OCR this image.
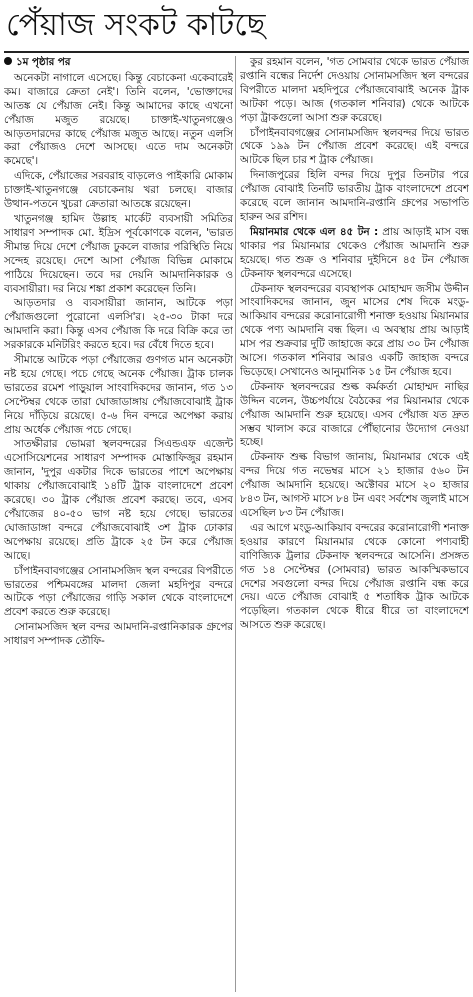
পেঁয়াজ সংকট কাটছে

১ম পৃষ্ঠার পর

অনেকটা নাগালে এসেছে। কিন্তু বেচাকেনা একেবারেই কম। বাজারে ক্রেতা নেই'। তিনি বলেন, 'ভোক্তাদের আতঙ্ক যে পেঁয়াজ নেই। কিন্তু আমাদের কাছে এখনো পেঁয়াজ মজুত রয়েছে। চাক্তাই-খাতুনগঞ্জেও আড়তদারদের কাছে পেঁয়াজ মজুত আছে। নতুন এলসি করা পেঁয়াজও দেশে আসছে। এতে দাম অনেকটা কমেছে'।

এদিকে, পেঁয়াজের সরবরাহ বাড়লেও পাইকারি মোকাম চাক্তাই-খাতুনগঞ্জে বেচাকেনায় খরা চলছে। বাজার উত্থান-পতনে খুচরা ক্রেতারা আতঙ্কে রয়েছেন।

খাতুনগঞ্জ হামিদ উল্লাহ মার্কেট ব্যবসায়ী সমিতির সাধারণ সম্পাদক মো. ইদ্রিস পূর্বকোণকে বলেন, 'ভারত সীমান্ত দিয়ে দেশে পেঁয়াজ ঢুকলে বাজার পরিস্থিতি নিয়ে সন্দেহ রয়েছে। দেশে আসা পেঁয়াজ বিভিন্ন মোকামে পাঠিয়ে দিয়েছেন। তবে দর দেয়নি আমদানিকারক ও ব্যবসায়ীরা। দর নিয়ে শঙ্কা প্রকাশ করেছেন তিনি।

আড়তদার ও ব্যবসায়ীরা জানান, আটকে পড়া পেঁয়াজগুলো পুরোনো এলসি'র। ২৫-৩০ টাকা দরে আমদানি করা। কিন্তু এসব পেঁয়াজ কি দরে বিক্রি করে তা সরকারকে মনিটরিং করতে হবে। দর বেঁধে দিতে হবে।

সীমান্তে আটকে পড়া পেঁয়াজের গুণগত মান অনেকটা নষ্ট হয়ে গেছে। পচে গেছে অনেক পেঁয়াজ। ট্রাক চালক ভারতের রমেশ পাড়ুয়াল সাংবাদিকদের জানান, গত ১৩ সেপ্টেম্বর থেকে তারা ঘোজাডাঙ্গায় পেঁয়াজবোঝাই ট্রাক নিয়ে দাঁড়িয়ে রয়েছে। ৫-৬ দিন বন্দরে অপেক্ষা করায় প্রায় অর্ধেক পেঁয়াজ পচে গেছে।

সাতক্ষীরার ভোমরা স্থলবন্দরের সিএন্ডএফ এজেন্ট এসোসিয়েশনের সাধারণ সম্পাদক মোস্তাফিজুর রহমান জানান, 'দুপুর একটার দিকে ভারতের পাশে অপেক্ষায় থাকায় পেঁয়াজবোঝাই ১৪টি ট্রাক বাংলাদেশে প্রবেশ করেছে। ৩০ ট্রাক পেঁয়াজ প্রবেশ করছে। তবে, এসব পেঁয়াজের ৪০-৫০ ভাগ নষ্ট হয়ে গেছে। ভারতের ঘোজাডাঙ্গা বন্দরে পেঁয়াজবোঝাই ৩শ ট্রাক ঢোকার অপেক্ষায় রয়েছে। প্রতি ট্রাকে ২৫ টন করে পেঁয়াজ আছে।

চাঁপাইনবাবগঞ্জের সোনামসজিদ স্থল বন্দরের বিপরীতে ভারতের পশ্চিমবঙ্গের মালদা জেলা মহদিপুর বন্দরে আটকে পড়া পেঁয়াজের গাড়ি সকাল থেকে বাংলাদেশে প্রবেশ করতে শুরু করেছে।

সোনামসজিদ স্থল বন্দর আমদানি-রপ্তানিকারক গ্রুপের সাধারণ সম্পাদক তৌফি-

কুর রহমান বলেন, 'গত সোমবার থেকে ভারত পেঁয়াজ রপ্তানি বন্ধের নির্দেশ দেওয়ায় সোনামসজিদ স্থল বন্দরের বিপরীতে মালদা মহদিপুরে পেঁয়াজবোঝাই অনেক ট্রাক আটকা পড়ে। আজ (গতকাল শনিবার) থেকে আটকে পড়া ট্রাকগুলো আসা শুরু করেছে।

চাঁপাইনবাবগঞ্জের সোনামসজিদ স্থলবন্দর দিয়ে ভারত থেকে ১৯৯ টন পেঁয়াজ প্রবেশ করেছে। এই বন্দরে আটকে ছিল চার শ ট্রাক পেঁয়াজ।

দিনাজপুরের হিলি বন্দর দিয়ে দুপুর তিনটার পরে পেঁয়াজ বোঝাই তিনটি ভারতীয় ট্রাক বাংলাদেশে প্রবেশ করেছে বলে জানান আমদানি-রপ্তানি গ্রুপের সভাপতি হারুন অর রশিদ।

মিয়ানমার থেকে এল ৪৫ টন : প্রায় আড়াই মাস বন্ধ থাকার পর মিয়ানমার থেকেও পেঁয়াজ আমদানি শুরু হয়েছে। গত শুক্র ও শনিবার দুইদিনে ৪৫ টন পেঁয়াজ টেকনাফ স্থলবন্দরে এসেছে।

টেকনাফ স্থলবন্দরের ব্যবস্থাপক মোহাম্মদ জসীম উদ্দীন সাংবাদিকদের জানান, জুন মাসের শেষ দিকে মংডু-আকিয়াব বন্দরের করোনারোগী শনাক্ত হওয়ায় মিয়ানমার থেকে পণ্য আমদানি বন্ধ ছিল। এ অবস্থায় প্রায় আড়াই মাস পর শুক্রবার দুটি জাহাজে করে প্রায় ৩০ টন পেঁয়াজ আসে। গতকাল শনিবার আরও একটি জাহাজ বন্দরে ভিড়েছে। সেখানেও আনুমানিক ১৫ টন পেঁয়াজ হবে।

টেকনাফ স্থলবন্দরের শুল্ক কর্মকর্তা মোহাম্মদ নাছির উদ্দিন বলেন, উচ্চপর্যায়ে বৈঠকের পর মিয়ানমার থেকে পেঁয়াজ আমদানি শুরু হয়েছে। এসব পেঁয়াজ যত দ্রুত সম্ভব খালাস করে বাজারে পৌঁছানোর উদ্যোগ নেওয়া হচ্ছে।

টেকনাফ শুল্ক বিভাগ জানায়, মিয়ানমার থেকে এই বন্দর দিয়ে গত নভেম্বর মাসে ২১ হাজার ৫৬০ টন পেঁয়াজ আমদানি হয়েছে। অক্টোবর মাসে ২০ হাজার ৮৪৩ টন, আগস্ট মাসে ৮৪ টন এবং সর্বশেষ জুলাই মাসে এসেছিল ৮৩ টন পেঁয়াজ।

এর আগে মংডু-আকিয়াব বন্দরের করোনারোগী শনাক্ত হওয়ার কারণে মিয়ানমার থেকে কোনো পণ্যবাহী বাণিজ্যিক ট্রলার টেকনাফ স্থলবন্দরে আসেনি। প্রসঙ্গত গত ১৪ সেপ্টেম্বর (সোমবার) ভারত আকস্মিকভাবে দেশের সবগুলো বন্দর দিয়ে পেঁয়াজ রপ্তানি বন্ধ করে দেয়। এতে পেঁয়াজ বোঝাই ৫ শতাধিক ট্রাক আটকে পড়েছিল। গতকাল থেকে ধীরে ধীরে তা বাংলাদেশে আসতে শুরু করেছে।
